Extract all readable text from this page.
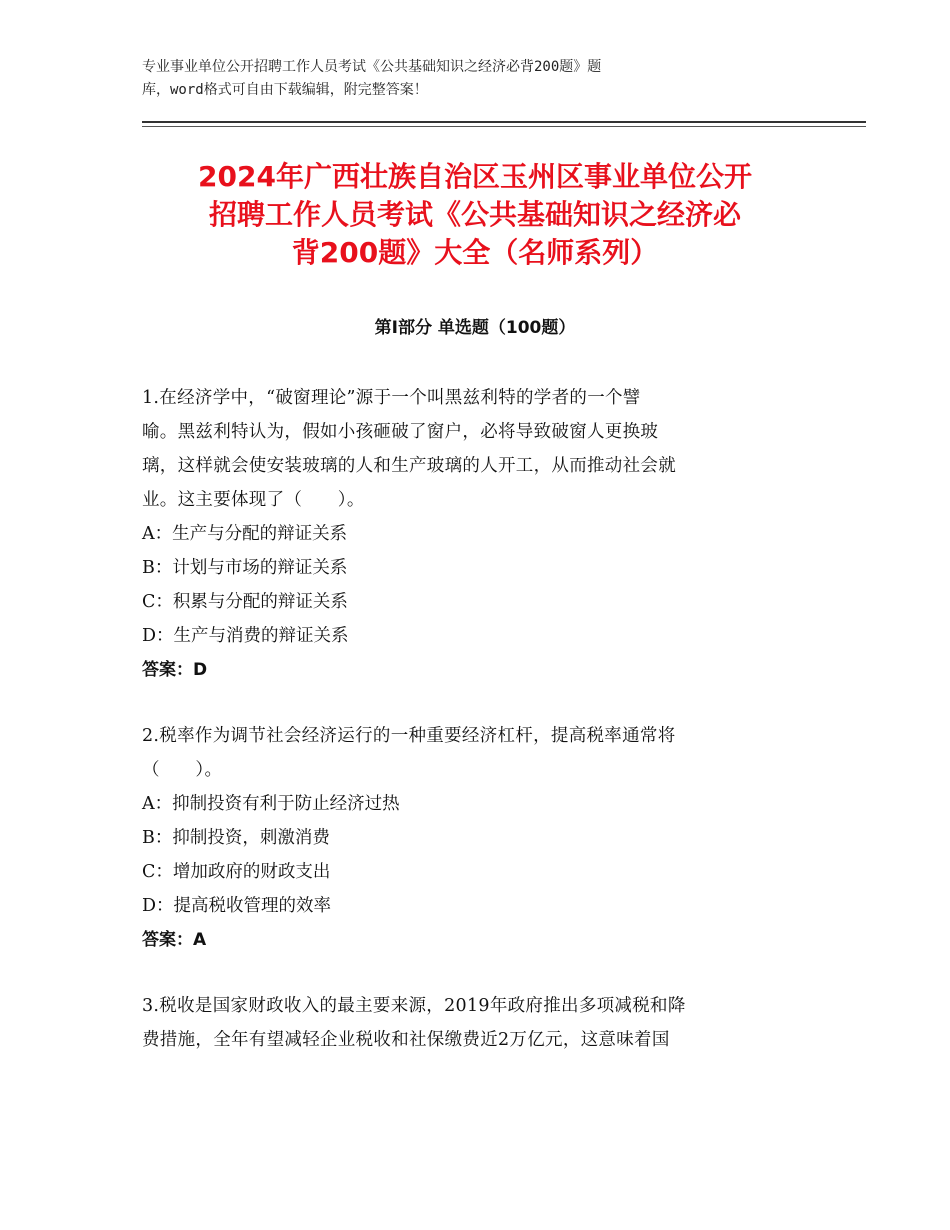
专业事业单位公开招聘工作人员考试《公共基础知识之经济必背200题》题
库，word格式可自由下载编辑，附完整答案！
2024年广西壮族自治区玉州区事业单位公开
招聘工作人员考试《公共基础知识之经济必
背200题》大全（名师系列）
第Ⅰ部分 单选题（100题）
1.在经济学中，“破窗理论”源于一个叫黑兹利特的学者的一个譬
喻。黑兹利特认为，假如小孩砸破了窗户，必将导致破窗人更换玻
璃，这样就会使安装玻璃的人和生产玻璃的人开工，从而推动社会就
业。这主要体现了（　　）。
A：生产与分配的辩证关系
B：计划与市场的辩证关系
C：积累与分配的辩证关系
D：生产与消费的辩证关系
答案：D
2.税率作为调节社会经济运行的一种重要经济杠杆，提高税率通常将
（　　）。
A：抑制投资有利于防止经济过热
B：抑制投资，刺激消费
C：增加政府的财政支出
D：提高税收管理的效率
答案：A
3.税收是国家财政收入的最主要来源，2019年政府推出多项减税和降
费措施，全年有望减轻企业税收和社保缴费近2万亿元，这意味着国
